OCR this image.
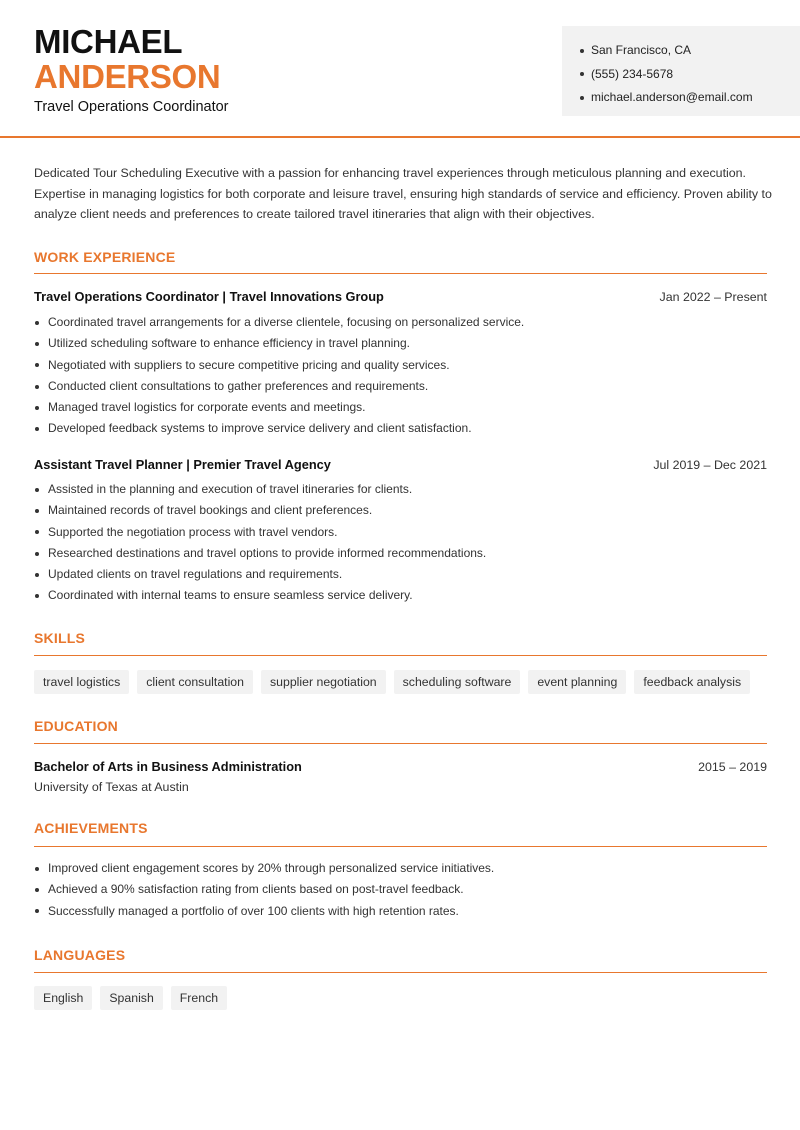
MICHAEL
ANDERSON
Travel Operations Coordinator
San Francisco, CA
(555) 234-5678
michael.anderson@email.com

Dedicated Tour Scheduling Executive with a passion for enhancing travel experiences through meticulous planning and execution. Expertise in managing logistics for both corporate and leisure travel, ensuring high standards of service and efficiency. Proven ability to analyze client needs and preferences to create tailored travel itineraries that align with their objectives.

WORK EXPERIENCE
Travel Operations Coordinator | Travel Innovations Group	Jan 2022 – Present
Coordinated travel arrangements for a diverse clientele, focusing on personalized service.
Utilized scheduling software to enhance efficiency in travel planning.
Negotiated with suppliers to secure competitive pricing and quality services.
Conducted client consultations to gather preferences and requirements.
Managed travel logistics for corporate events and meetings.
Developed feedback systems to improve service delivery and client satisfaction.
Assistant Travel Planner | Premier Travel Agency	Jul 2019 – Dec 2021
Assisted in the planning and execution of travel itineraries for clients.
Maintained records of travel bookings and client preferences.
Supported the negotiation process with travel vendors.
Researched destinations and travel options to provide informed recommendations.
Updated clients on travel regulations and requirements.
Coordinated with internal teams to ensure seamless service delivery.
SKILLS
travel logistics	client consultation	supplier negotiation	scheduling software	event planning	feedback analysis
EDUCATION
Bachelor of Arts in Business Administration	2015 – 2019
University of Texas at Austin
ACHIEVEMENTS
Improved client engagement scores by 20% through personalized service initiatives.
Achieved a 90% satisfaction rating from clients based on post-travel feedback.
Successfully managed a portfolio of over 100 clients with high retention rates.
LANGUAGES
English	Spanish	French
